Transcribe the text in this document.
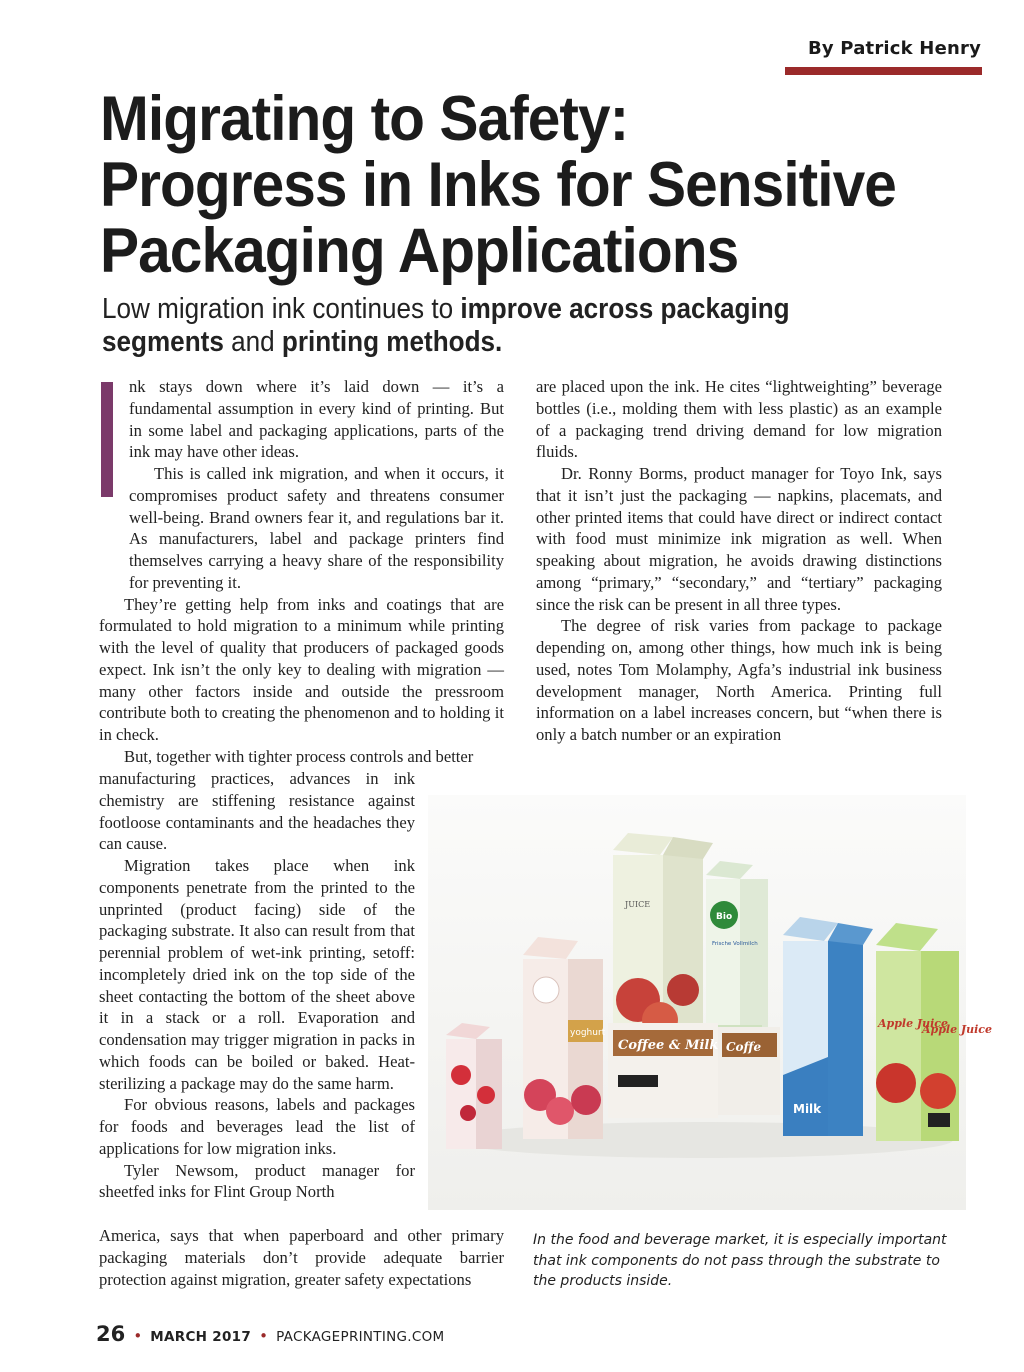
By Patrick Henry
Migrating to Safety:
Progress in Inks for Sensitive
Packaging Applications

Low migration ink continues to improve across packaging segments and printing methods.

nk stays down where it’s laid down — it’s a fundamental assumption in every kind of printing. But in some label and packaging applications, parts of the ink may have other ideas.

This is called ink migration, and when it occurs, it compromises product safety and threatens consumer well-being. Brand owners fear it, and regulations bar it. As manufacturers, label and package printers find themselves carrying a heavy share of the responsibility for preventing it.

They’re getting help from inks and coatings that are formulated to hold migration to a minimum while printing with the level of quality that producers of packaged goods expect. Ink isn’t the only key to dealing with migration — many other factors inside and outside the pressroom contribute both to creating the phenomenon and to holding it in check.

But, together with tighter process controls and better

manufacturing practices, advances in ink chemistry are stiffening resistance against footloose contaminants and the headaches they can cause.

Migration takes place when ink components penetrate from the printed to the unprinted (product facing) side of the packaging substrate. It also can result from that perennial problem of wet-ink printing, setoff: incompletely dried ink on the top side of the sheet contacting the bottom of the sheet above it in a stack or a roll. Evaporation and condensation may trigger migration in packs in which foods can be boiled or baked. Heat-sterilizing a package may do the same harm.

For obvious reasons, labels and packages for foods and beverages lead the list of applications for low migration inks.

Tyler Newsom, product manager for sheetfed inks for Flint Group North

America, says that when paperboard and other primary packaging materials don’t provide adequate barrier protection against migration, greater safety expectations

are placed upon the ink. He cites “lightweighting” beverage bottles (i.e., molding them with less plastic) as an example of a packaging trend driving demand for low migration fluids.

Dr. Ronny Borms, product manager for Toyo Ink, says that it isn’t just the packaging — napkins, placemats, and other printed items that could have direct or indirect contact with food must minimize ink migration as well. When speaking about migration, he avoids drawing distinctions among “primary,” “secondary,” and “tertiary” packaging since the risk can be present in all three types.

The degree of risk varies from package to package depending on, among other things, how much ink is being used, notes Tom Molamphy, Agfa’s industrial ink business development manager, North America. Printing full information on a label increases concern, but “when there is only a batch number or an expiration

JUICE
Bio
Frische Vollmilch
yoghurt
Coffee & Milk Coffe
Milk
Apple Juice
Apple Juice
In the food and beverage market, it is especially important that ink components do not pass through the substrate to the products inside.
26 • MARCH 2017 • PACKAGEPRINTING.COM
